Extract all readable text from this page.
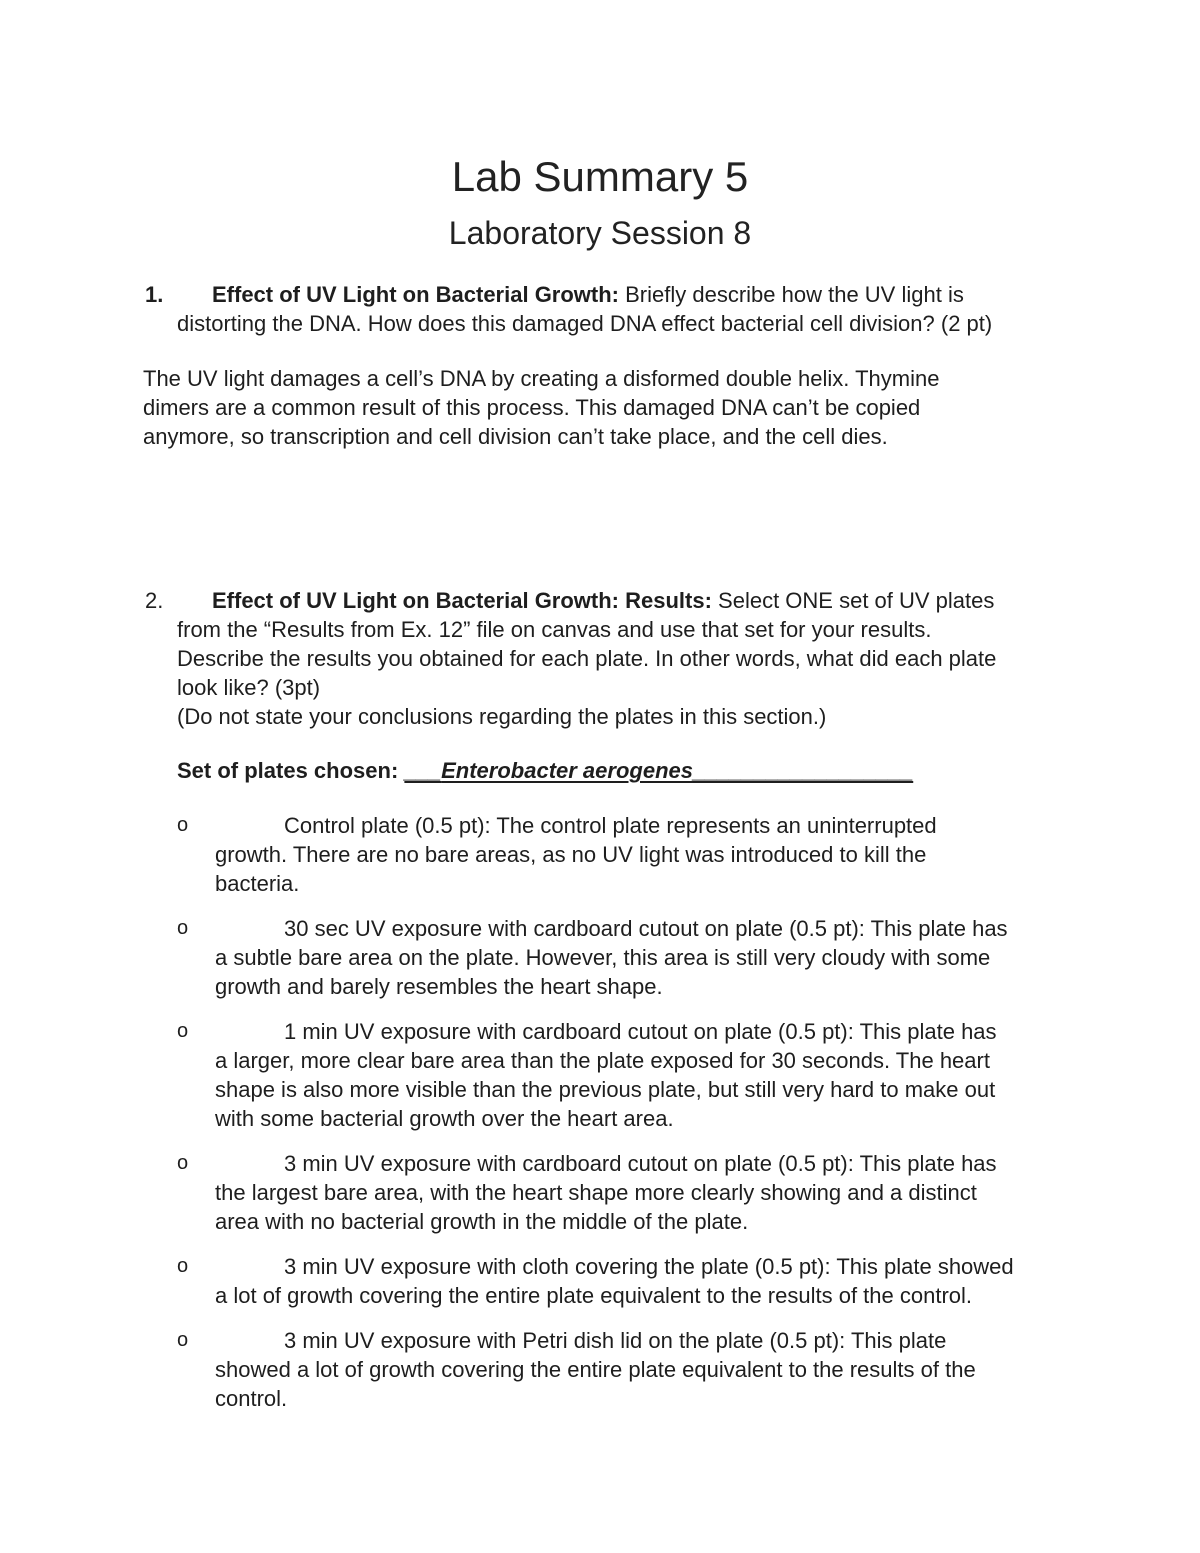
Lab Summary 5
Laboratory Session 8
1. Effect of UV Light on Bacterial Growth: Briefly describe how the UV light is
distorting the DNA. How does this damaged DNA effect bacterial cell division? (2 pt)
The UV light damages a cell’s DNA by creating a disformed double helix. Thymine
dimers are a common result of this process. This damaged DNA can’t be copied
anymore, so transcription and cell division can’t take place, and the cell dies.
2. Effect of UV Light on Bacterial Growth: Results: Select ONE set of UV plates
from the “Results from Ex. 12” file on canvas and use that set for your results.
Describe the results you obtained for each plate. In other words, what did each plate
look like? (3pt)
(Do not state your conclusions regarding the plates in this section.)
Set of plates chosen: ___Enterobacter aerogenes__________________
o	Control plate (0.5 pt): The control plate represents an uninterrupted
growth. There are no bare areas, as no UV light was introduced to kill the
bacteria.
o	30 sec UV exposure with cardboard cutout on plate (0.5 pt): This plate has
a subtle bare area on the plate. However, this area is still very cloudy with some
growth and barely resembles the heart shape.
o	1 min UV exposure with cardboard cutout on plate (0.5 pt): This plate has
a larger, more clear bare area than the plate exposed for 30 seconds. The heart
shape is also more visible than the previous plate, but still very hard to make out
with some bacterial growth over the heart area.
o	3 min UV exposure with cardboard cutout on plate (0.5 pt): This plate has
the largest bare area, with the heart shape more clearly showing and a distinct
area with no bacterial growth in the middle of the plate.
o	3 min UV exposure with cloth covering the plate (0.5 pt): This plate showed
a lot of growth covering the entire plate equivalent to the results of the control.
o	3 min UV exposure with Petri dish lid on the plate (0.5 pt): This plate
showed a lot of growth covering the entire plate equivalent to the results of the
control.
